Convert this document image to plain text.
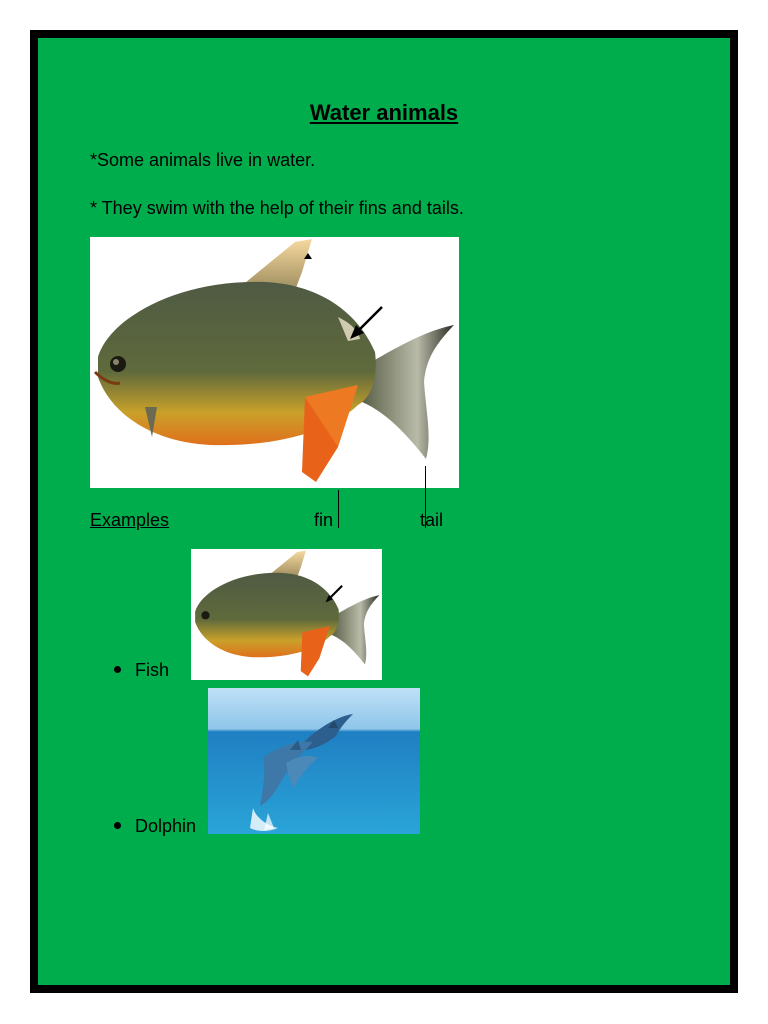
Water animals
*Some animals live in water.
* They swim with the help of their fins and tails.
Examples	fin	tail
Fish
Dolphin
